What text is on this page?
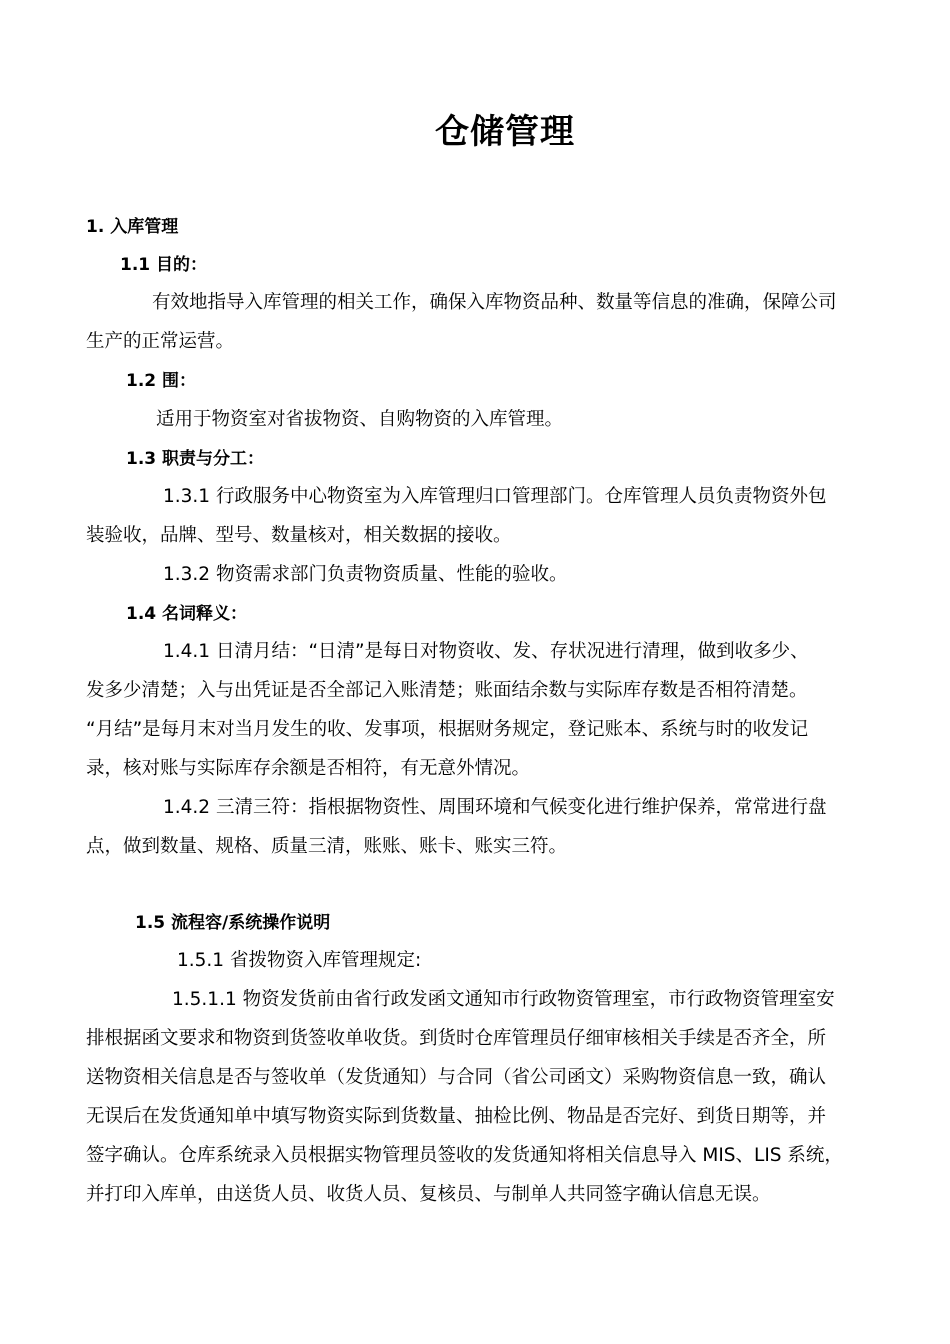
仓储管理
1. 入库管理
1.1 目的：
有效地指导入库管理的相关工作，确保入库物资品种、数量等信息的准确，保障公司
生产的正常运营。
1.2 围：
适用于物资室对省拔物资、自购物资的入库管理。
1.3 职责与分工：
1.3.1 行政服务中心物资室为入库管理归口管理部门。仓库管理人员负责物资外包
装验收，品牌、型号、数量核对，相关数据的接收。
1.3.2 物资需求部门负责物资质量、性能的验收。
1.4 名词释义：
1.4.1 日清月结：“日清”是每日对物资收、发、存状况进行清理，做到收多少、
发多少清楚；入与出凭证是否全部记入账清楚；账面结余数与实际库存数是否相符清楚。
“月结”是每月末对当月发生的收、发事项，根据财务规定，登记账本、系统与时的收发记
录，核对账与实际库存余额是否相符，有无意外情况。
1.4.2 三清三符：指根据物资性、周围环境和气候变化进行维护保养，常常进行盘
点，做到数量、规格、质量三清，账账、账卡、账实三符。
1.5 流程容/系统操作说明
1.5.1 省拨物资入库管理规定:
1.5.1.1 物资发货前由省行政发函文通知市行政物资管理室，市行政物资管理室安
排根据函文要求和物资到货签收单收货。到货时仓库管理员仔细审核相关手续是否齐全，所
送物资相关信息是否与签收单（发货通知）与合同（省公司函文）采购物资信息一致，确认
无误后在发货通知单中填写物资实际到货数量、抽检比例、物品是否完好、到货日期等，并
签字确认。仓库系统录入员根据实物管理员签收的发货通知将相关信息导入 MIS、LIS 系统，
并打印入库单，由送货人员、收货人员、复核员、与制单人共同签字确认信息无误。
